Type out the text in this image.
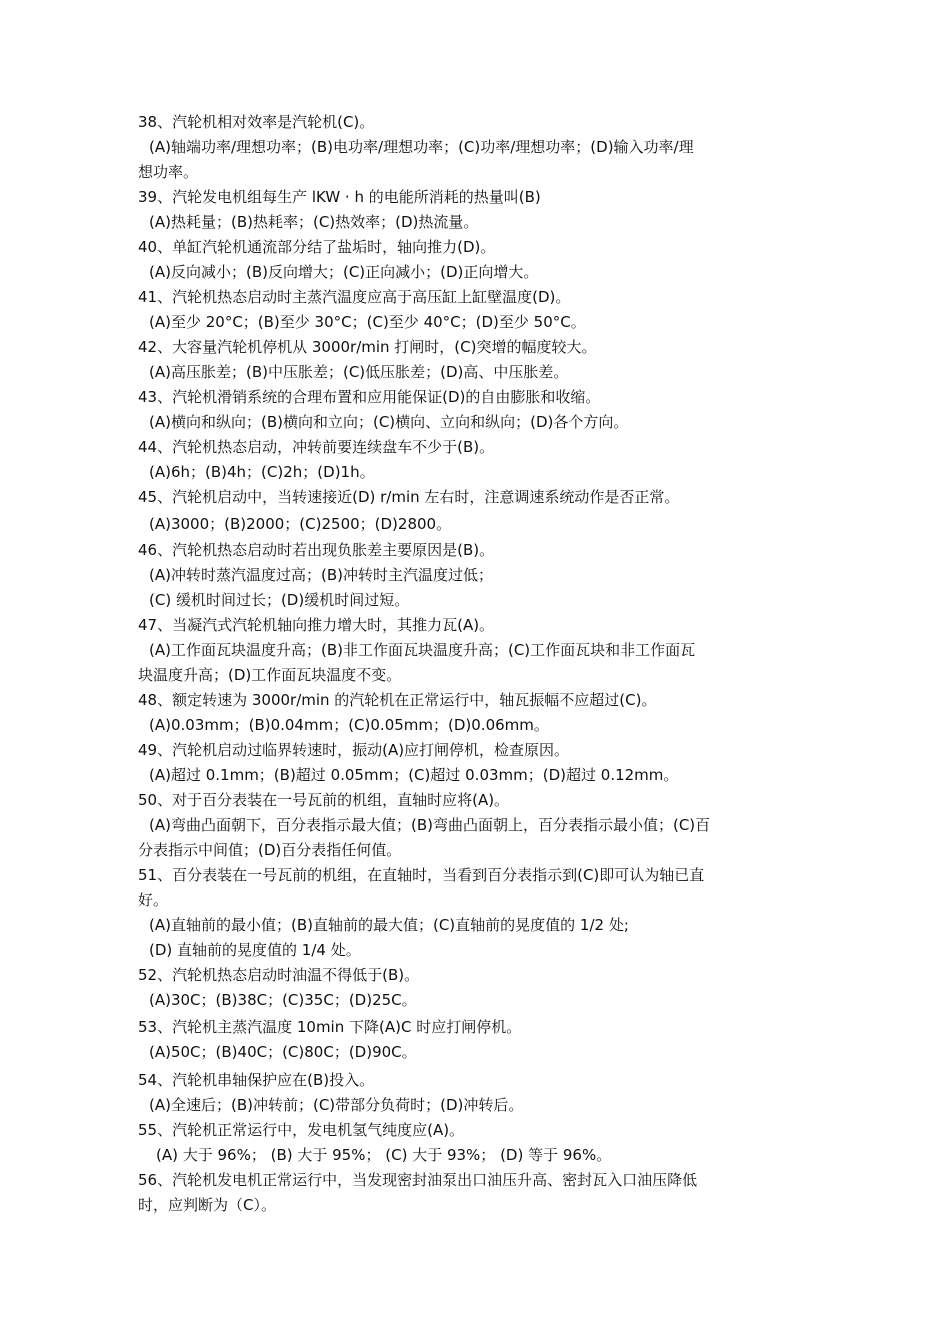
38、汽轮机相对效率是汽轮机(C)。
(A)轴端功率/理想功率；(B)电功率/理想功率；(C)功率/理想功率；(D)输入功率/理
想功率。
39、汽轮发电机组每生产 lKW · h 的电能所消耗的热量叫(B)
(A)热耗量；(B)热耗率；(C)热效率；(D)热流量。
40、单缸汽轮机通流部分结了盐垢时，轴向推力(D)。
(A)反向减小；(B)反向增大；(C)正向减小；(D)正向增大。
41、汽轮机热态启动时主蒸汽温度应高于高压缸上缸壁温度(D)。
(A)至少 20°C；(B)至少 30°C；(C)至少 40°C；(D)至少 50°C。
42、大容量汽轮机停机从 3000r/min 打闸时，(C)突增的幅度较大。
(A)高压胀差；(B)中压胀差；(C)低压胀差；(D)高、中压胀差。
43、汽轮机滑销系统的合理布置和应用能保证(D)的自由膨胀和收缩。
(A)横向和纵向；(B)横向和立向；(C)横向、立向和纵向；(D)各个方向。
44、汽轮机热态启动，冲转前要连续盘车不少于(B)。
(A)6h；(B)4h；(C)2h；(D)1h。
45、汽轮机启动中，当转速接近(D) r/min 左右时，注意调速系统动作是否正常。
(A)3000；(B)2000；(C)2500；(D)2800。
46、汽轮机热态启动时若出现负胀差主要原因是(B)。
(A)冲转时蒸汽温度过高；(B)冲转时主汽温度过低；
(C) 缓机时间过长；(D)缓机时间过短。
47、当凝汽式汽轮机轴向推力增大时，其推力瓦(A)。
(A)工作面瓦块温度升高；(B)非工作面瓦块温度升高；(C)工作面瓦块和非工作面瓦
块温度升高；(D)工作面瓦块温度不变。
48、额定转速为 3000r/min 的汽轮机在正常运行中，轴瓦振幅不应超过(C)。
(A)0.03mm；(B)0.04mm；(C)0.05mm；(D)0.06mm。
49、汽轮机启动过临界转速时，振动(A)应打闸停机，检查原因。
(A)超过 0.1mm；(B)超过 0.05mm；(C)超过 0.03mm；(D)超过 0.12mm。
50、对于百分表装在一号瓦前的机组，直轴时应将(A)。
(A)弯曲凸面朝下，百分表指示最大值；(B)弯曲凸面朝上，百分表指示最小值；(C)百
分表指示中间值；(D)百分表指任何值。
51、百分表装在一号瓦前的机组，在直轴时，当看到百分表指示到(C)即可认为轴已直
好。
(A)直轴前的最小值；(B)直轴前的最大值；(C)直轴前的晃度值的 1/2 处;
(D) 直轴前的晃度值的 1/4 处。
52、汽轮机热态启动时油温不得低于(B)。
(A)30C；(B)38C；(C)35C；(D)25C。
53、汽轮机主蒸汽温度 10min 下降(A)C 时应打闸停机。
(A)50C；(B)40C；(C)80C；(D)90C。
54、汽轮机串轴保护应在(B)投入。
(A)全速后；(B)冲转前；(C)带部分负荷时；(D)冲转后。
55、汽轮机正常运行中，发电机氢气纯度应(A)。
(A) 大于 96%； (B) 大于 95%； (C) 大于 93%； (D) 等于 96%。
56、汽轮机发电机正常运行中，当发现密封油泵出口油压升高、密封瓦入口油压降低
时，应判断为（C）。
